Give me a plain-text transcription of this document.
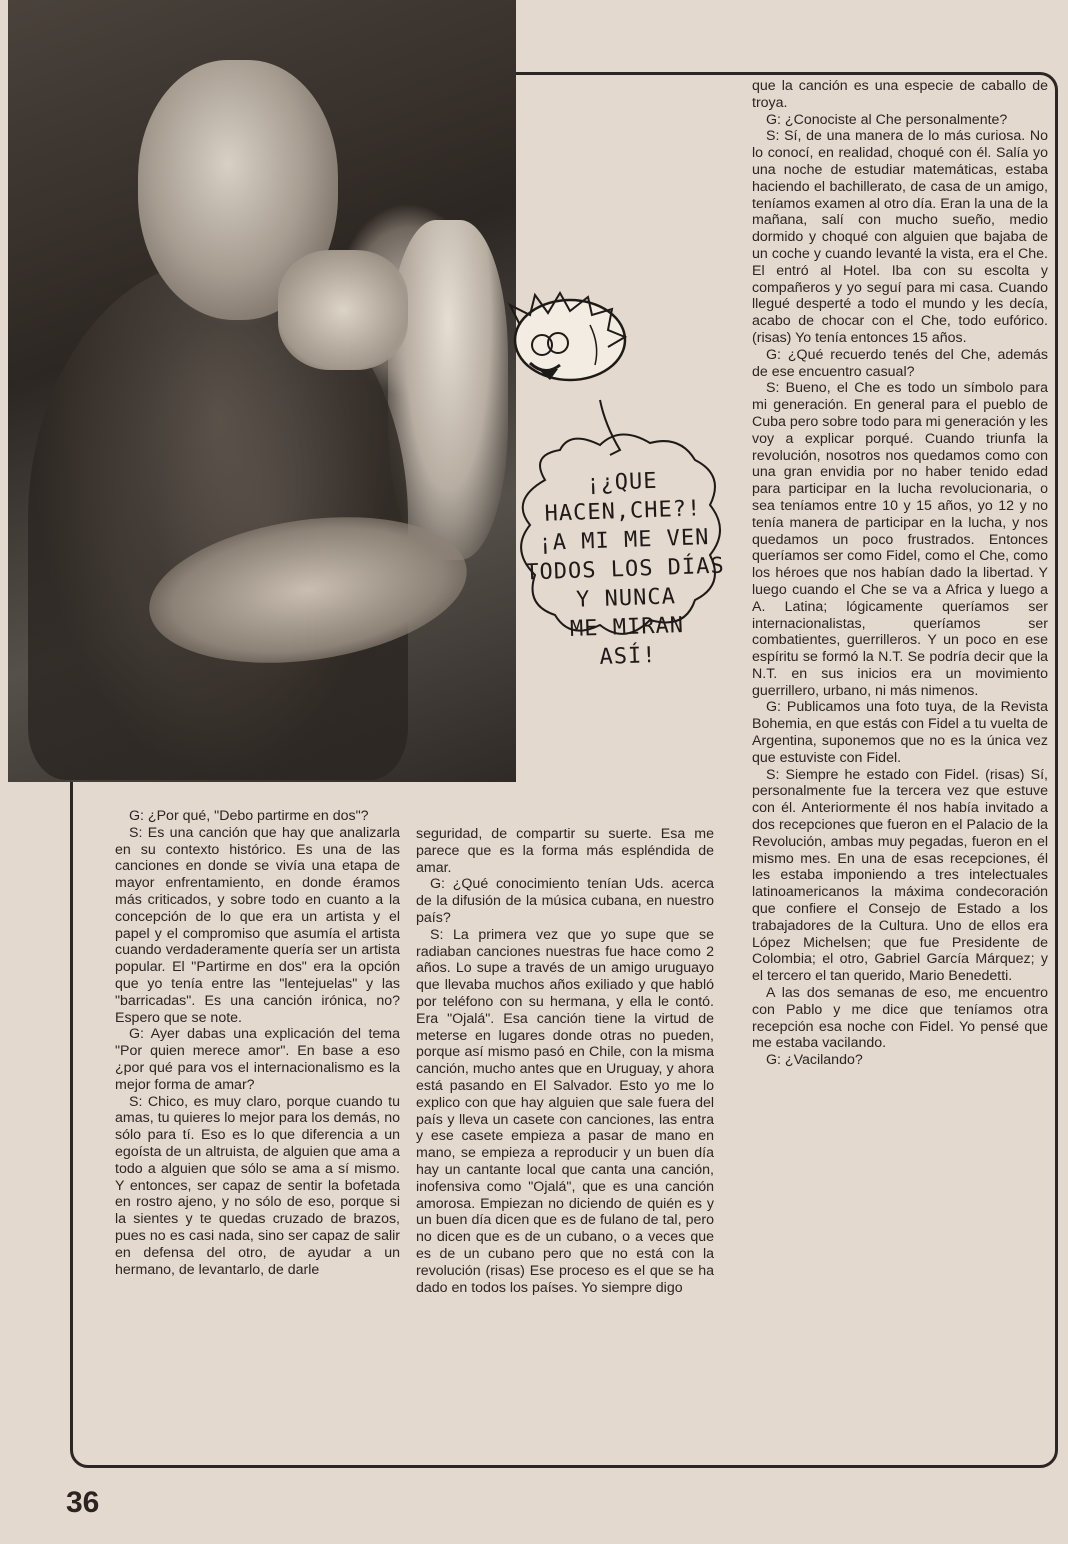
¡¿QUE
HACEN,CHE?!
¡A MI ME VEN
TODOS LOS DÍAS
Y NUNCA
ME MIRAN
ASÍ!

que la canción es una especie de caballo de troya.

G: ¿Conociste al Che personalmente?

S: Sí, de una manera de lo más curiosa. No lo conocí, en realidad, choqué con él. Salía yo una noche de estudiar matemáticas, estaba haciendo el bachillerato, de casa de un amigo, teníamos examen al otro día. Eran la una de la mañana, salí con mucho sueño, medio dormido y choqué con alguien que bajaba de un coche y cuando levanté la vista, era el Che. El entró al Hotel. Iba con su escolta y compañeros y yo seguí para mi casa. Cuando llegué desperté a todo el mundo y les decía, acabo de chocar con el Che, todo eufórico. (risas) Yo tenía entonces 15 años.

G: ¿Qué recuerdo tenés del Che, además de ese encuentro casual?

S: Bueno, el Che es todo un símbolo para mi generación. En general para el pueblo de Cuba pero sobre todo para mi generación y les voy a explicar porqué. Cuando triunfa la revolución, nosotros nos quedamos como con una gran envidia por no haber tenido edad para participar en la lucha revolucionaria, o sea teníamos entre 10 y 15 años, yo 12 y no tenía manera de participar en la lucha, y nos quedamos un poco frustrados. Entonces queríamos ser como Fidel, como el Che, como los héroes que nos habían dado la libertad. Y luego cuando el Che se va a Africa y luego a A. Latina; lógicamente queríamos ser internacionalistas, queríamos ser combatientes, guerrilleros. Y un poco en ese espíritu se formó la N.T. Se podría decir que la N.T. en sus inicios era un movimiento guerrillero, urbano, ni más nimenos.

G: Publicamos una foto tuya, de la Revista Bohemia, en que estás con Fidel a tu vuelta de Argentina, suponemos que no es la única vez que estuviste con Fidel.

S: Siempre he estado con Fidel. (risas) Sí, personalmente fue la tercera vez que estuve con él. Anteriormente él nos había invitado a dos recepciones que fueron en el Palacio de la Revolución, ambas muy pegadas, fueron en el mismo mes. En una de esas recepciones, él les estaba imponiendo a tres intelectuales latinoamericanos la máxima condecoración que confiere el Consejo de Estado a los trabajadores de la Cultura. Uno de ellos era López Michelsen; que fue Presidente de Colombia; el otro, Gabriel García Márquez; y el tercero el tan querido, Mario Benedetti.

A las dos semanas de eso, me encuentro con Pablo y me dice que teníamos otra recepción esa noche con Fidel. Yo pensé que me estaba vacilando.

G: ¿Vacilando?

G: ¿Por qué, "Debo partirme en dos"?

S: Es una canción que hay que analizarla en su contexto histórico. Es una de las canciones en donde se vivía una etapa de mayor enfrentamiento, en donde éramos más criticados, y sobre todo en cuanto a la concepción de lo que era un artista y el papel y el compromiso que asumía el artista cuando verdaderamente quería ser un artista popular. El "Partirme en dos" era la opción que yo tenía entre las "lentejuelas" y las "barricadas". Es una canción irónica, no? Espero que se note.

G: Ayer dabas una explicación del tema "Por quien merece amor". En base a eso ¿por qué para vos el internacionalismo es la mejor forma de amar?

S: Chico, es muy claro, porque cuando tu amas, tu quieres lo mejor para los demás, no sólo para tí. Eso es lo que diferencia a un egoísta de un altruista, de alguien que ama a todo a alguien que sólo se ama a sí mismo. Y entonces, ser capaz de sentir la bofetada en rostro ajeno, y no sólo de eso, porque si la sientes y te quedas cruzado de brazos, pues no es casi nada, sino ser capaz de salir en defensa del otro, de ayudar a un hermano, de levantarlo, de darle

seguridad, de compartir su suerte. Esa me parece que es la forma más espléndida de amar.

G: ¿Qué conocimiento tenían Uds. acerca de la difusión de la música cubana, en nuestro país?

S: La primera vez que yo supe que se radiaban canciones nuestras fue hace como 2 años. Lo supe a través de un amigo uruguayo que llevaba muchos años exiliado y que habló por teléfono con su hermana, y ella le contó. Era "Ojalá". Esa canción tiene la virtud de meterse en lugares donde otras no pueden, porque así mismo pasó en Chile, con la misma canción, mucho antes que en Uruguay, y ahora está pasando en El Salvador. Esto yo me lo explico con que hay alguien que sale fuera del país y lleva un casete con canciones, las entra y ese casete empieza a pasar de mano en mano, se empieza a reproducir y un buen día hay un cantante local que canta una canción, inofensiva como "Ojalá", que es una canción amorosa. Empiezan no diciendo de quién es y un buen día dicen que es de fulano de tal, pero no dicen que es de un cubano, o a veces que es de un cubano pero que no está con la revolución (risas) Ese proceso es el que se ha dado en todos los países. Yo siempre digo

36
